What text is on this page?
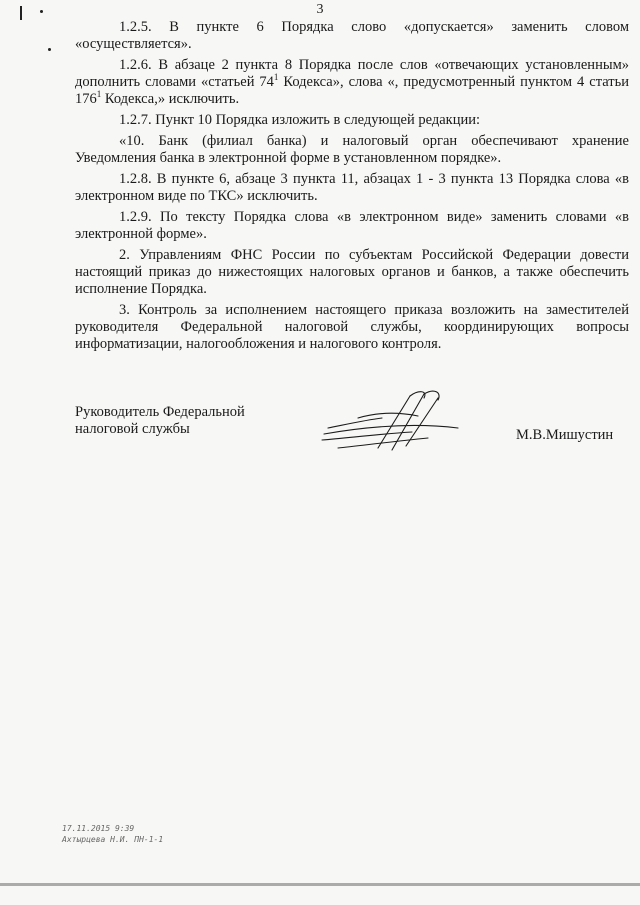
3

1.2.5. В пункте 6 Порядка слово «допускается» заменить словом «осуществляется».

1.2.6. В абзаце 2 пункта 8 Порядка после слов «отвечающих установленным» дополнить словами «статьей $74^1$ Кодекса», слова «, предусмотренный пунктом 4 статьи $176^1$ Кодекса,» исключить.

1.2.7. Пункт 10 Порядка изложить в следующей редакции:

«10. Банк (филиал банка) и налоговый орган обеспечивают хранение Уведомления банка в электронной форме в установленном порядке».

1.2.8. В пункте 6, абзаце 3 пункта 11, абзацах 1 - 3 пункта 13 Порядка слова «в электронном виде по ТКС» исключить.

1.2.9. По тексту Порядка слова «в электронном виде» заменить словами «в электронной форме».

2. Управлениям ФНС России по субъектам Российской Федерации довести настоящий приказ до нижестоящих налоговых органов и банков, а также обеспечить исполнение Порядка.

3. Контроль за исполнением настоящего приказа возложить на заместителей руководителя Федеральной налоговой службы, координирующих вопросы информатизации, налогообложения и налогового контроля.

Руководитель Федеральной
налоговой службы	М.В.Мишустин
17.11.2015 9:39
Ахтырцева Н.И. ПН-1-1
